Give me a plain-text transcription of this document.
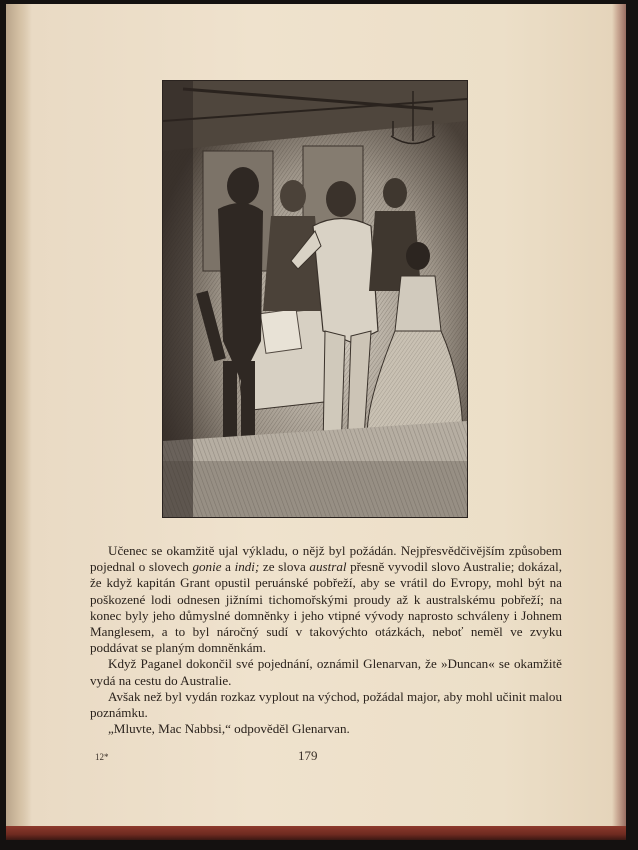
Učenec se okamžitě ujal výkladu, o nějž byl požádán. Nejpřesvědčivějším způsobem pojednal o slovech gonie a indi; ze slova austral přesně vyvodil slovo Australie; dokázal, že když kapitán Grant opustil peruánské pobřeží, aby se vrátil do Evropy, mohl být na poškozené lodi odnesen jižními tichomořskými proudy až k australskému pobřeží; na konec byly jeho důmyslné domněnky i jeho vtipné vývody naprosto schváleny i Johnem Manglesem, a to byl náročný sudí v takovýchto otázkách, neboť neměl ve zvyku poddávat se planým domněnkám.

Když Paganel dokončil své pojednání, oznámil Glenarvan, že »Duncan« se okamžitě vydá na cestu do Australie.

Avšak než byl vydán rozkaz vyplout na východ, požádal major, aby mohl učinit malou poznámku.

„Mluvte, Mac Nabbsi,“ odpověděl Glenarvan.

12*	179
